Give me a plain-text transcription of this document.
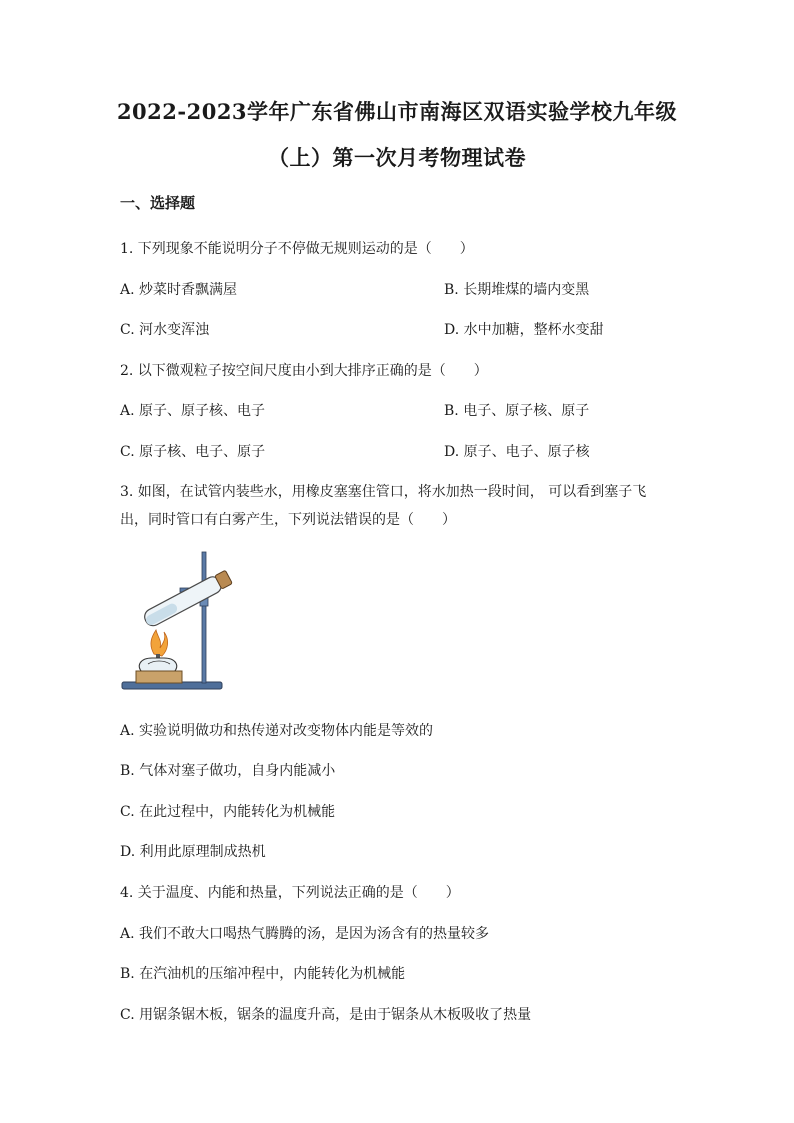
2022-2023学年广东省佛山市南海区双语实验学校九年级
（上）第一次月考物理试卷
一、选择题
1. 下列现象不能说明分子不停做无规则运动的是（　　）
A. 炒菜时香飘满屋	B. 长期堆煤的墙内变黑
C. 河水变浑浊	D. 水中加糖，整杯水变甜
2. 以下微观粒子按空间尺度由小到大排序正确的是（　　）
A. 原子、原子核、电子	B. 电子、原子核、原子
C. 原子核、电子、原子	D. 原子、电子、原子核
3. 如图，在试管内装些水，用橡皮塞塞住管口，将水加热一段时间， 可以看到塞子飞
出，同时管口有白雾产生，下列说法错误的是（　　）
A. 实验说明做功和热传递对改变物体内能是等效的
B. 气体对塞子做功，自身内能减小
C. 在此过程中，内能转化为机械能
D. 利用此原理制成热机
4. 关于温度、内能和热量，下列说法正确的是（　　）
A. 我们不敢大口喝热气腾腾的汤，是因为汤含有的热量较多
B. 在汽油机的压缩冲程中，内能转化为机械能
C. 用锯条锯木板，锯条的温度升高，是由于锯条从木板吸收了热量
